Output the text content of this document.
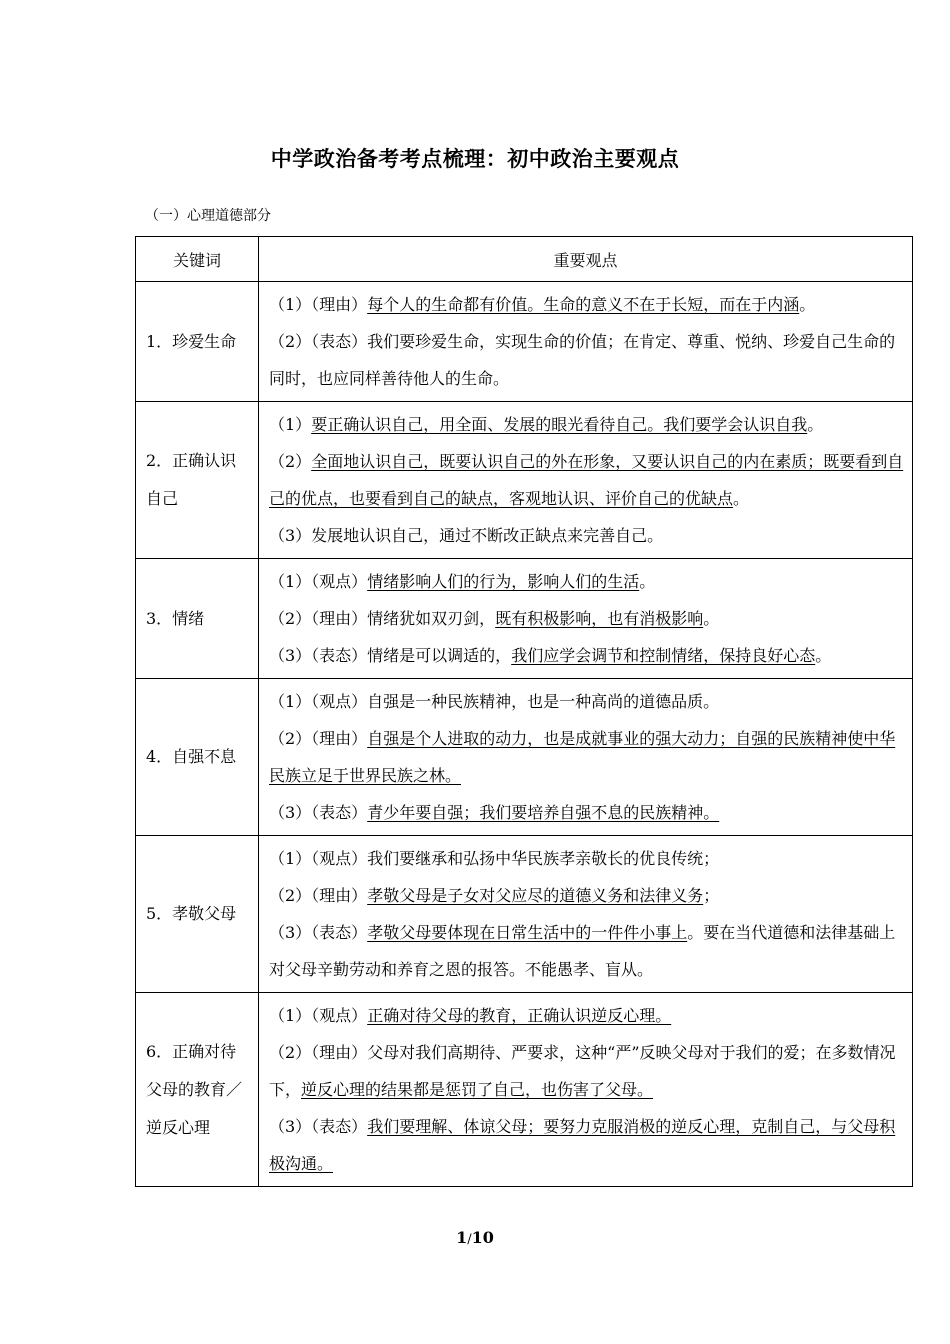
中学政治备考考点梳理：初中政治主要观点
（一）心理道德部分
关键词	重要观点
1．珍爱生命	（1）（理由）每个人的生命都有价值。生命的意义不在于长短，而在于内涵。
（2）（表态）我们要珍爱生命，实现生命的价值；在肯定、尊重、悦纳、珍爱自己生命的同时，也应同样善待他人的生命。

2．正确认识自己	（1）要正确认识自己，用全面、发展的眼光看待自己。我们要学会认识自我。
（2）全面地认识自己，既要认识自己的外在形象，又要认识自己的内在素质；既要看到自己的优点，也要看到自己的缺点，客观地认识、评价自己的优缺点。
（3）发展地认识自己，通过不断改正缺点来完善自己。

3．情绪	（1）（观点）情绪影响人们的行为，影响人们的生活。
（2）（理由）情绪犹如双刃剑，既有积极影响，也有消极影响。
（3）（表态）情绪是可以调适的，我们应学会调节和控制情绪，保持良好心态。

4．自强不息	（1）（观点）自强是一种民族精神，也是一种高尚的道德品质。
（2）（理由）自强是个人进取的动力，也是成就事业的强大动力；自强的民族精神使中华民族立足于世界民族之林。
（3）（表态）青少年要自强；我们要培养自强不息的民族精神。

5．孝敬父母	（1）（观点）我们要继承和弘扬中华民族孝亲敬长的优良传统；
（2）（理由）孝敬父母是子女对父应尽的道德义务和法律义务；
（3）（表态）孝敬父母要体现在日常生活中的一件件小事上。要在当代道德和法律基础上对父母辛勤劳动和养育之恩的报答。不能愚孝、盲从。

6．正确对待父母的教育／逆反心理	（1）（观点）正确对待父母的教育，正确认识逆反心理。
（2）（理由）父母对我们高期待、严要求，这种“严”反映父母对于我们的爱；在多数情况下，逆反心理的结果都是惩罚了自己，也伤害了父母。
（3）（表态）我们要理解、体谅父母；要努力克服消极的逆反心理，克制自己，与父母积极沟通。
1/10
